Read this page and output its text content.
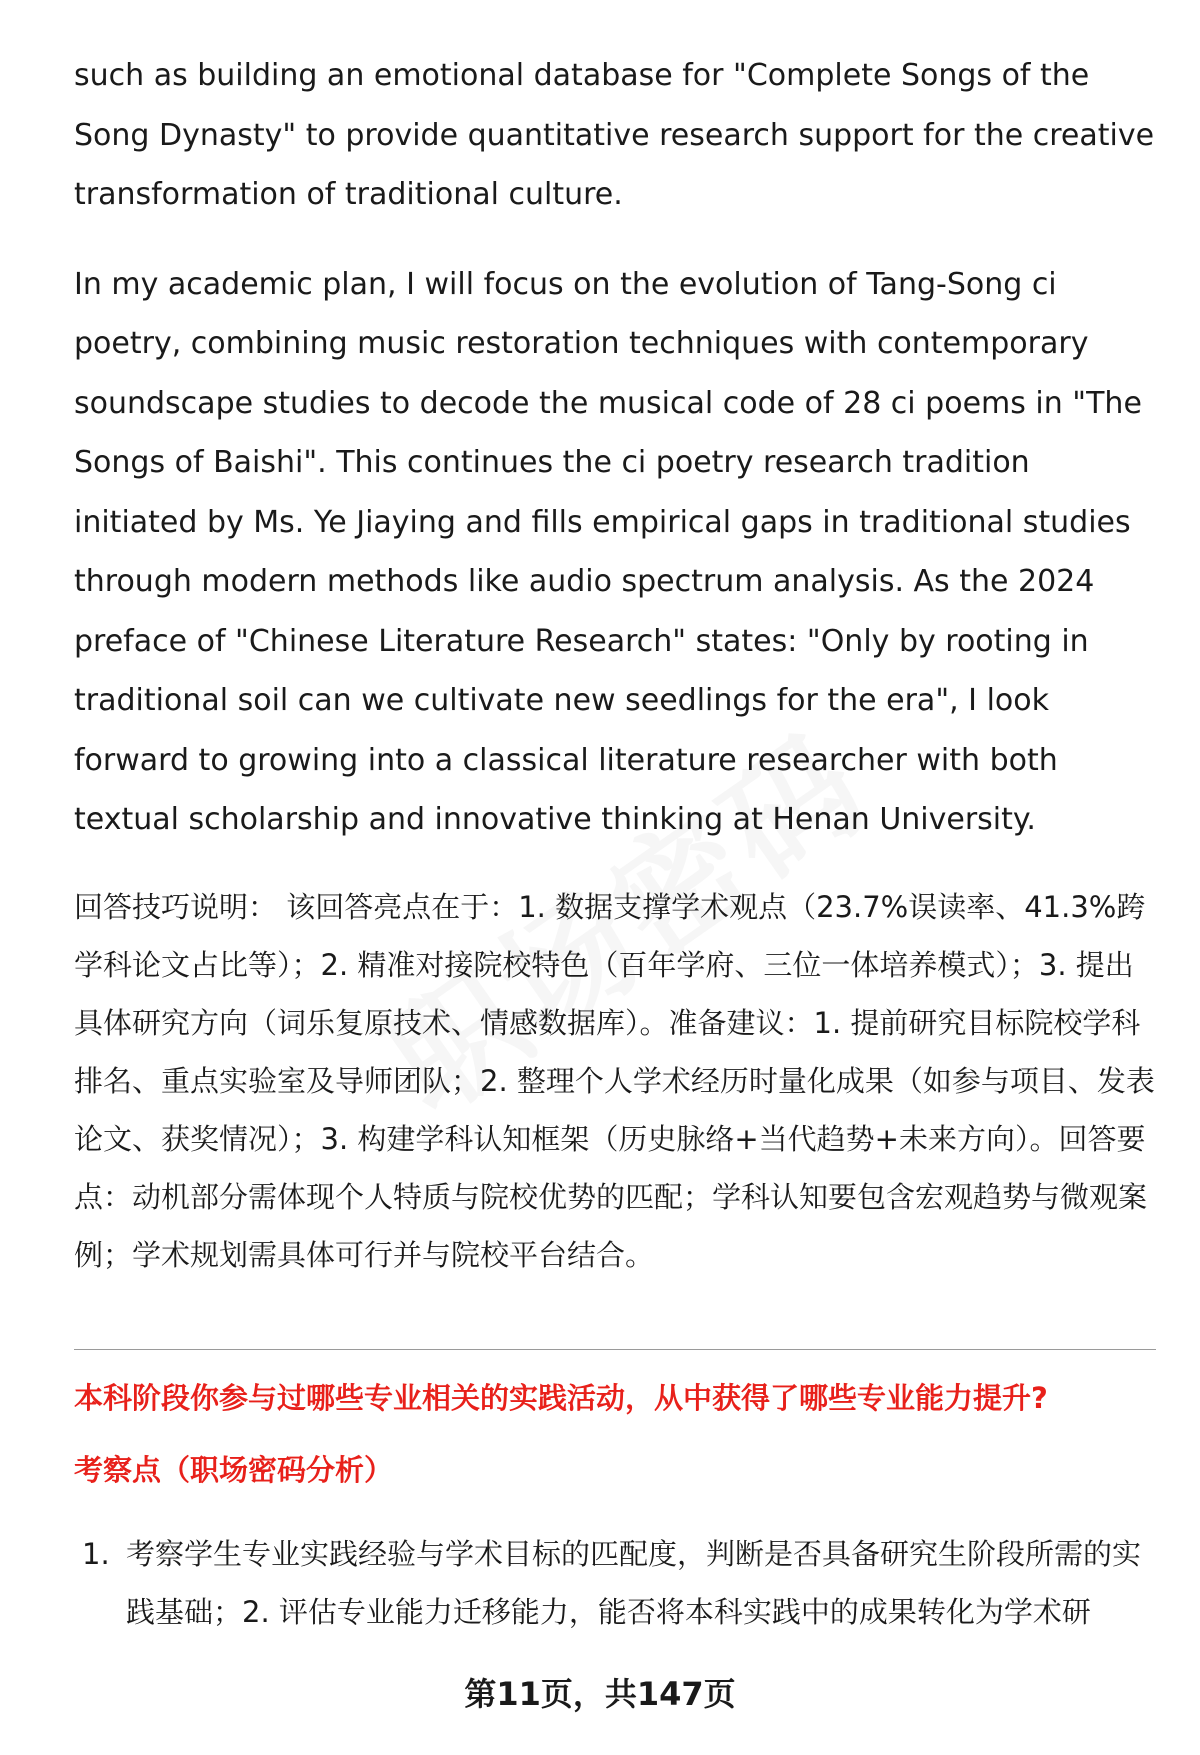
such as building an emotional database for "Complete Songs of the Song Dynasty" to provide quantitative research support for the creative transformation of traditional culture.

In my academic plan, I will focus on the evolution of Tang-Song ci poetry, combining music restoration techniques with contemporary soundscape studies to decode the musical code of 28 ci poems in "The Songs of Baishi". This continues the ci poetry research tradition initiated by Ms. Ye Jiaying and fills empirical gaps in traditional studies through modern methods like audio spectrum analysis. As the 2024 preface of "Chinese Literature Research" states: "Only by rooting in traditional soil can we cultivate new seedlings for the era", I look forward to growing into a classical literature researcher with both textual scholarship and innovative thinking at Henan University.

回答技巧说明： 该回答亮点在于：1. 数据支撑学术观点（23.7%误读率、41.3%跨学科论文占比等）；2. 精准对接院校特色（百年学府、三位一体培养模式）；3. 提出具体研究方向（词乐复原技术、情感数据库）。准备建议：1. 提前研究目标院校学科排名、重点实验室及导师团队；2. 整理个人学术经历时量化成果（如参与项目、发表论文、获奖情况）；3. 构建学科认知框架（历史脉络+当代趋势+未来方向）。回答要点：动机部分需体现个人特质与院校优势的匹配；学科认知要包含宏观趋势与微观案例；学术规划需具体可行并与院校平台结合。

本科阶段你参与过哪些专业相关的实践活动，从中获得了哪些专业能力提升?
考察点（职场密码分析）
1. 考察学生专业实践经验与学术目标的匹配度，判断是否具备研究生阶段所需的实践基础；2. 评估专业能力迁移能力，能否将本科实践中的成果转化为学术研
第11页，共147页
